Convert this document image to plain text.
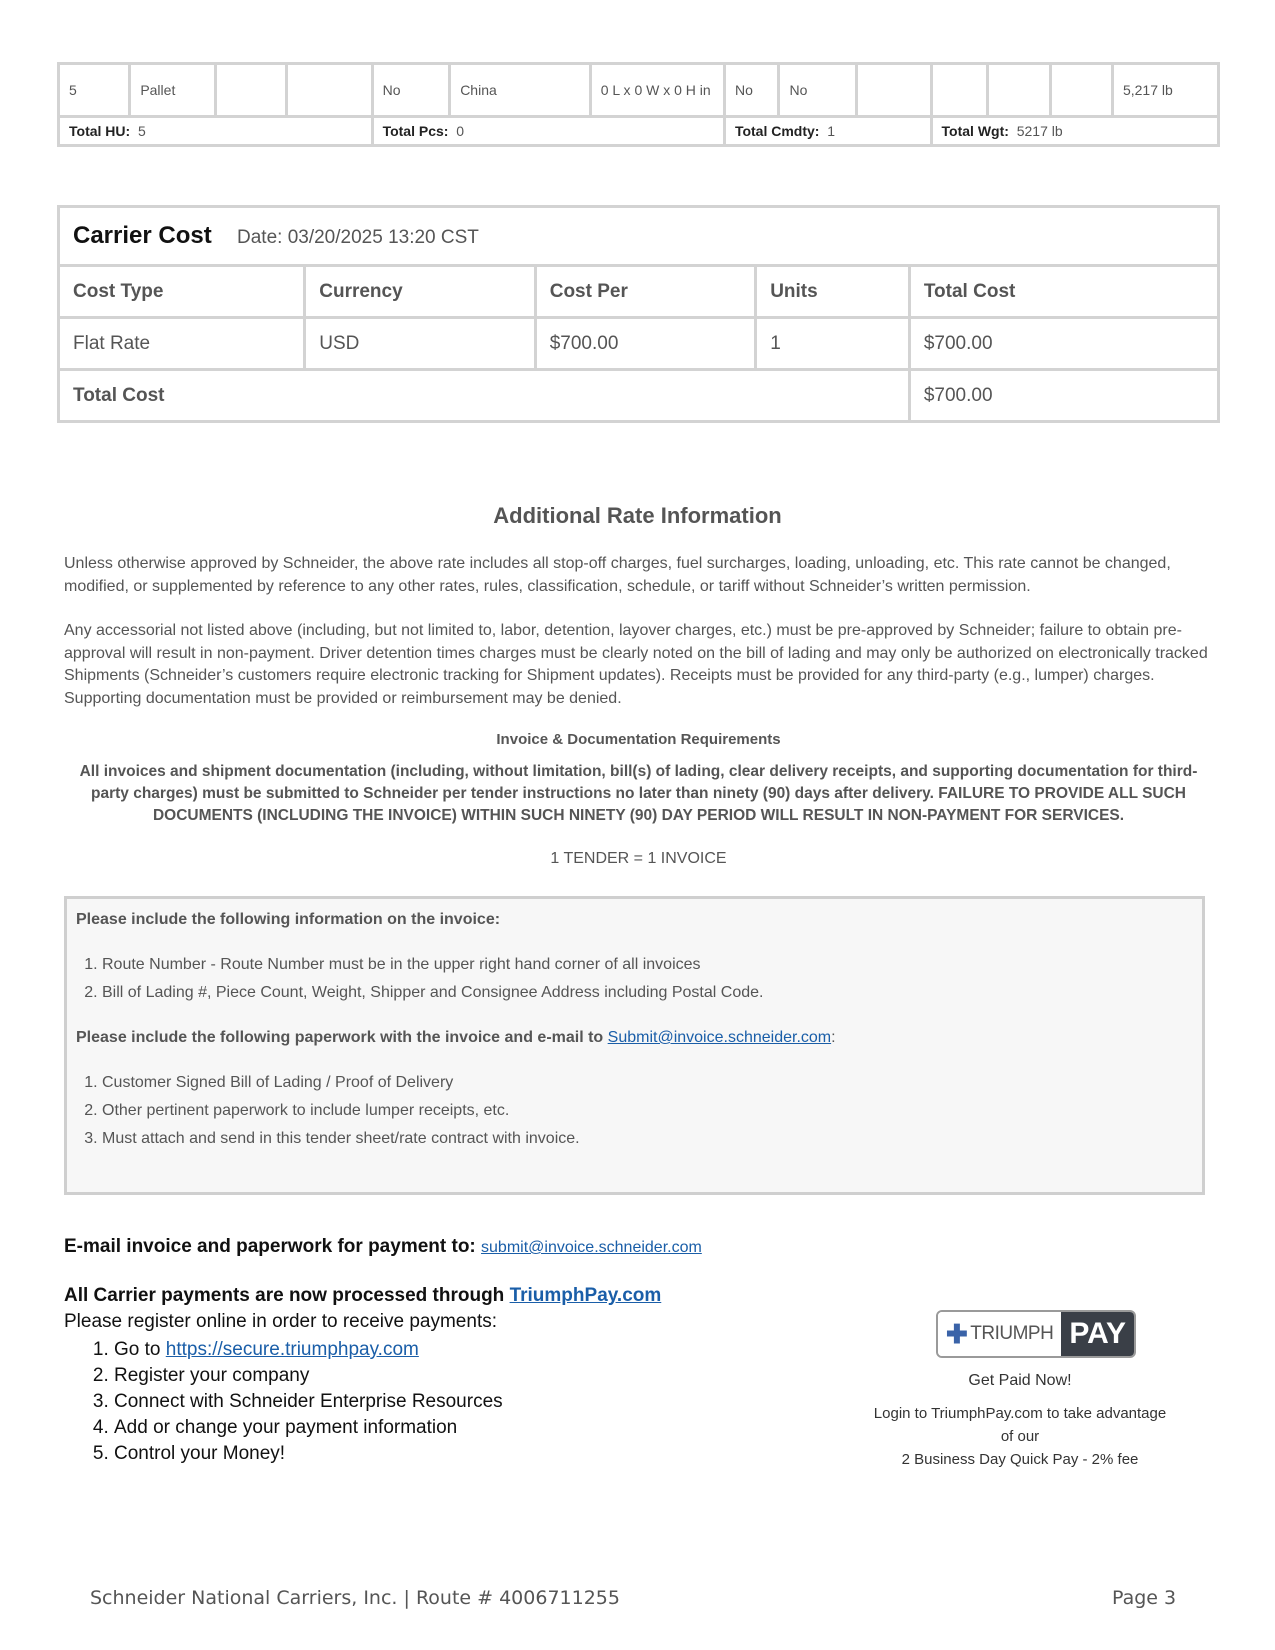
5	Pallet			No	China	0 L x 0 W x 0 H in	No	No					5,217 lb
Total HU: 5				Total Pcs: 0			Total Cmdty: 1			Total Wgt: 5217 lb			
Carrier Cost Date: 03/20/2025 13:20 CST				
Cost Type	Currency	Cost Per	Units	Total Cost
Flat Rate	USD	$700.00	1	$700.00
Total Cost				$700.00
Additional Rate Information

Unless otherwise approved by Schneider, the above rate includes all stop-off charges, fuel surcharges, loading, unloading, etc. This rate cannot be changed, modified, or supplemented by reference to any other rates, rules, classification, schedule, or tariff without Schneider’s written permission.

Any accessorial not listed above (including, but not limited to, labor, detention, layover charges, etc.) must be pre-approved by Schneider; failure to obtain pre-approval will result in non-payment. Driver detention times charges must be clearly noted on the bill of lading and may only be authorized on electronically tracked Shipments (Schneider’s customers require electronic tracking for Shipment updates). Receipts must be provided for any third-party (e.g., lumper) charges. Supporting documentation must be provided or reimbursement may be denied.

Invoice & Documentation Requirements
All invoices and shipment documentation (including, without limitation, bill(s) of lading, clear delivery receipts, and supporting documentation for third-party charges) must be submitted to Schneider per tender instructions no later than ninety (90) days after delivery. FAILURE TO PROVIDE ALL SUCH DOCUMENTS (INCLUDING THE INVOICE) WITHIN SUCH NINETY (90) DAY PERIOD WILL RESULT IN NON-PAYMENT FOR SERVICES.
1 TENDER = 1 INVOICE

Please include the following information on the invoice:

1. Route Number - Route Number must be in the upper right hand corner of all invoices
2. Bill of Lading #, Piece Count, Weight, Shipper and Consignee Address including Postal Code.

Please include the following paperwork with the invoice and e-mail to Submit@invoice.schneider.com:

1. Customer Signed Bill of Lading / Proof of Delivery
2. Other pertinent paperwork to include lumper receipts, etc.
3. Must attach and send in this tender sheet/rate contract with invoice.

E-mail invoice and paperwork for payment to: submit@invoice.schneider.com

All Carrier payments are now processed through TriumphPay.com

Please register online in order to receive payments:

1. Go to https://secure.triumphpay.com
2. Register your company
3. Connect with Schneider Enterprise Resources
4. Add or change your payment information
5. Control your Money!
✚ TRIUMPH PAY
Get Paid Now!
Login to TriumphPay.com to take advantage of our
2 Business Day Quick Pay - 2% fee
Schneider National Carriers, Inc. | Route # 4006711255	Page 3
